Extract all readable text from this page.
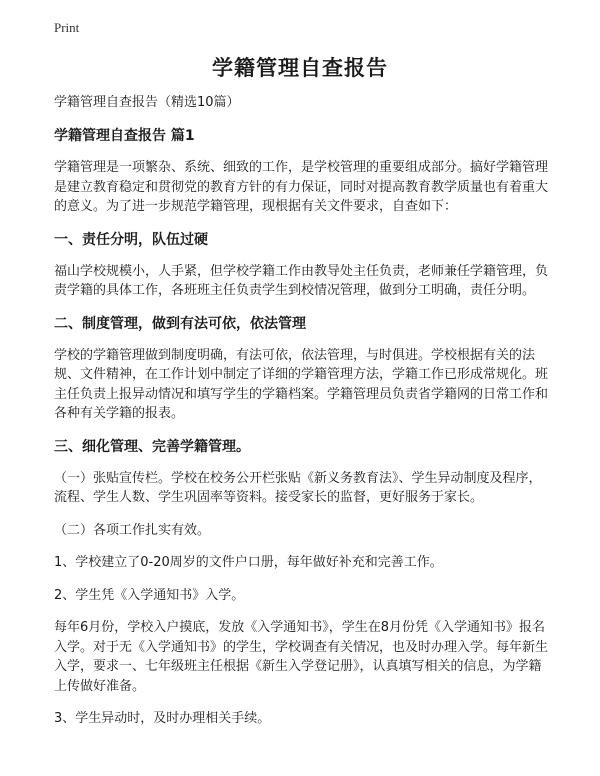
Print
学籍管理自查报告
学籍管理自查报告（精选10篇）
学籍管理自查报告 篇1
学籍管理是一项繁杂、系统、细致的工作，是学校管理的重要组成部分。搞好学籍管理是建立教育稳定和贯彻党的教育方针的有力保证，同时对提高教育教学质量也有着重大的意义。为了进一步规范学籍管理，现根据有关文件要求，自查如下：
一、责任分明，队伍过硬
福山学校规模小，人手紧，但学校学籍工作由教导处主任负责，老师兼任学籍管理，负责学籍的具体工作，各班班主任负责学生到校情况管理，做到分工明确，责任分明。
二、制度管理，做到有法可依，依法管理
学校的学籍管理做到制度明确，有法可依，依法管理，与时俱进。学校根据有关的法规、文件精神，在工作计划中制定了详细的学籍管理方法，学籍工作已形成常规化。班主任负责上报异动情况和填写学生的学籍档案。学籍管理员负责省学籍网的日常工作和各种有关学籍的报表。
三、细化管理、完善学籍管理。
（一）张贴宣传栏。学校在校务公开栏张贴《新义务教育法》、学生异动制度及程序，流程、学生人数、学生巩固率等资料。接受家长的监督，更好服务于家长。
（二）各项工作扎实有效。
1、学校建立了0-20周岁的文件户口册，每年做好补充和完善工作。
2、学生凭《入学通知书》入学。
每年6月份，学校入户摸底，发放《入学通知书》，学生在8月份凭《入学通知书》报名入学。对于无《入学通知书》的学生，学校调查有关情况，也及时办理入学。每年新生入学，要求一、七年级班主任根据《新生入学登记册》，认真填写相关的信息，为学籍上传做好准备。
3、学生异动时，及时办理相关手续。
